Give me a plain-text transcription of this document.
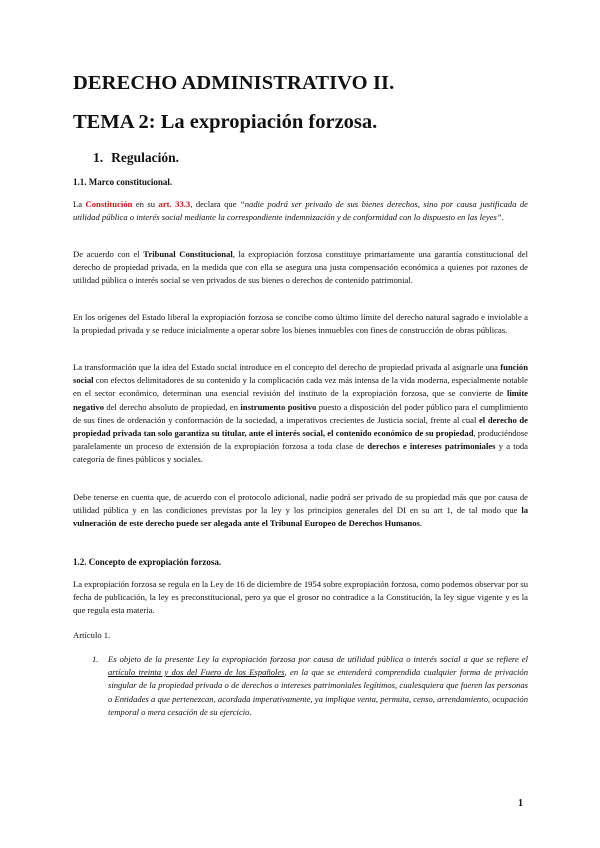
DERECHO ADMINISTRATIVO II.
TEMA 2: La expropiación forzosa.
1. Regulación.

1.1. Marco constitucional.

La Constitución en su art. 33.3, declara que “nadie podrá ser privado de sus bienes derechos, sino por causa justificada de utilidad pública o interés social mediante la correspondiente indemnización y de conformidad con lo dispuesto en las leyes”.

De acuerdo con el Tribunal Constitucional, la expropiación forzosa constituye primariamente una garantía constitucional del derecho de propiedad privada, en la medida que con ella se asegura una justa compensación económica a quienes por razones de utilidad pública o interés social se ven privados de sus bienes o derechos de contenido patrimonial.

En los orígenes del Estado liberal la expropiación forzosa se concibe como último límite del derecho natural sagrado e inviolable a la propiedad privada y se reduce inicialmente a operar sobre los bienes inmuebles con fines de construcción de obras públicas.

La transformación que la idea del Estado social introduce en el concepto del derecho de propiedad privada al asignarle una función social con efectos delimitadores de su contenido y la complicación cada vez más intensa de la vida moderna, especialmente notable en el sector económico, determinan una esencial revisión del instituto de la expropiación forzosa, que se convierte de límite negativo del derecho absoluto de propiedad, en instrumento positivo puesto a disposición del poder público para el cumplimiento de sus fines de ordenación y conformación de la sociedad, a imperativos crecientes de Justicia social, frente al cual el derecho de propiedad privada tan solo garantiza su titular, ante el interés social, el contenido económico de su propiedad, produciéndose paralelamente un proceso de extensión de la expropiación forzosa a toda clase de derechos e intereses patrimoniales y a toda categoría de fines públicos y sociales.

Debe tenerse en cuenta que, de acuerdo con el protocolo adicional, nadie podrá ser privado de su propiedad más que por causa de utilidad pública y en las condiciones previstas por la ley y los principios generales del DI en su art 1, de tal modo que la vulneración de este derecho puede ser alegada ante el Tribunal Europeo de Derechos Humanos.

1.2. Concepto de expropiación forzosa.

La expropiación forzosa se regula en la Ley de 16 de diciembre de 1954 sobre expropiación forzosa, como podemos observar por su fecha de publicación, la ley es preconstitucional, pero ya que el grosor no contradice a la Constitución, la ley sigue vigente y es la que regula esta materia.

Artículo 1.

1. Es objeto de la presente Ley la expropiación forzosa por causa de utilidad pública o interés social a que se refiere el artículo treinta y dos del Fuero de los Españoles, en la que se entenderá comprendida cualquier forma de privación singular de la propiedad privada o de derechos o intereses patrimoniales legítimos, cualesquiera que fueren las personas o Entidades a que pertenezcan, acordada imperativamente, ya implique venta, permuta, censo, arrendamiento, ocupación temporal o mera cesación de su ejercicio.

1
